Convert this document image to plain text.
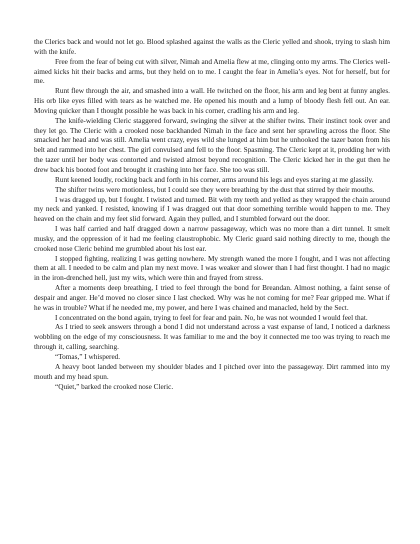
the Clerics back and would not let go. Blood splashed against the walls as the Cleric yelled and shook, trying to slash him with the knife.

Free from the fear of being cut with silver, Nimah and Amelia flew at me, clinging onto my arms. The Clerics well-aimed kicks hit their backs and arms, but they held on to me. I caught the fear in Amelia’s eyes. Not for herself, but for me.

Runt flew through the air, and smashed into a wall. He twitched on the floor, his arm and leg bent at funny angles. His orb like eyes filled with tears as he watched me. He opened his mouth and a lump of bloody flesh fell out. An ear. Moving quicker than I thought possible he was back in his corner, cradling his arm and leg.

The knife-wielding Cleric staggered forward, swinging the silver at the shifter twins. Their instinct took over and they let go. The Cleric with a crooked nose backhanded Nimah in the face and sent her sprawling across the floor. She smacked her head and was still. Amelia went crazy, eyes wild she lunged at him but he unhooked the tazer baton from his belt and rammed into her chest. The girl convulsed and fell to the floor. Spasming. The Cleric kept at it, prodding her with the tazer until her body was contorted and twisted almost beyond recognition. The Cleric kicked her in the gut then he drew back his booted foot and brought it crashing into her face. She too was still.

Runt keened loudly, rocking back and forth in his corner, arms around his legs and eyes staring at me glassily.

The shifter twins were motionless, but I could see they were breathing by the dust that stirred by their mouths.

I was dragged up, but I fought. I twisted and turned. Bit with my teeth and yelled as they wrapped the chain around my neck and yanked. I resisted, knowing if I was dragged out that door something terrible would happen to me. They heaved on the chain and my feet slid forward. Again they pulled, and I stumbled forward out the door.

I was half carried and half dragged down a narrow passageway, which was no more than a dirt tunnel. It smelt musky, and the oppression of it had me feeling claustrophobic. My Cleric guard said nothing directly to me, though the crooked nose Cleric behind me grumbled about his lost ear.

I stopped fighting, realizing I was getting nowhere. My strength waned the more I fought, and I was not affecting them at all. I needed to be calm and plan my next move. I was weaker and slower than I had first thought. I had no magic in the iron-drenched hell, just my wits, which were thin and frayed from stress.

After a moments deep breathing, I tried to feel through the bond for Breandan. Almost nothing, a faint sense of despair and anger. He’d moved no closer since I last checked. Why was he not coming for me? Fear gripped me. What if he was in trouble? What if he needed me, my power, and here I was chained and manacled, held by the Sect.

I concentrated on the bond again, trying to feel for fear and pain. No, he was not wounded I would feel that.

As I tried to seek answers through a bond I did not understand across a vast expanse of land, I noticed a darkness wobbling on the edge of my consciousness. It was familiar to me and the boy it connected me too was trying to reach me through it, calling, searching.

“Tomas,” I whispered.

A heavy boot landed between my shoulder blades and I pitched over into the passageway. Dirt rammed into my mouth and my head spun.

“Quiet,” barked the crooked nose Cleric.
